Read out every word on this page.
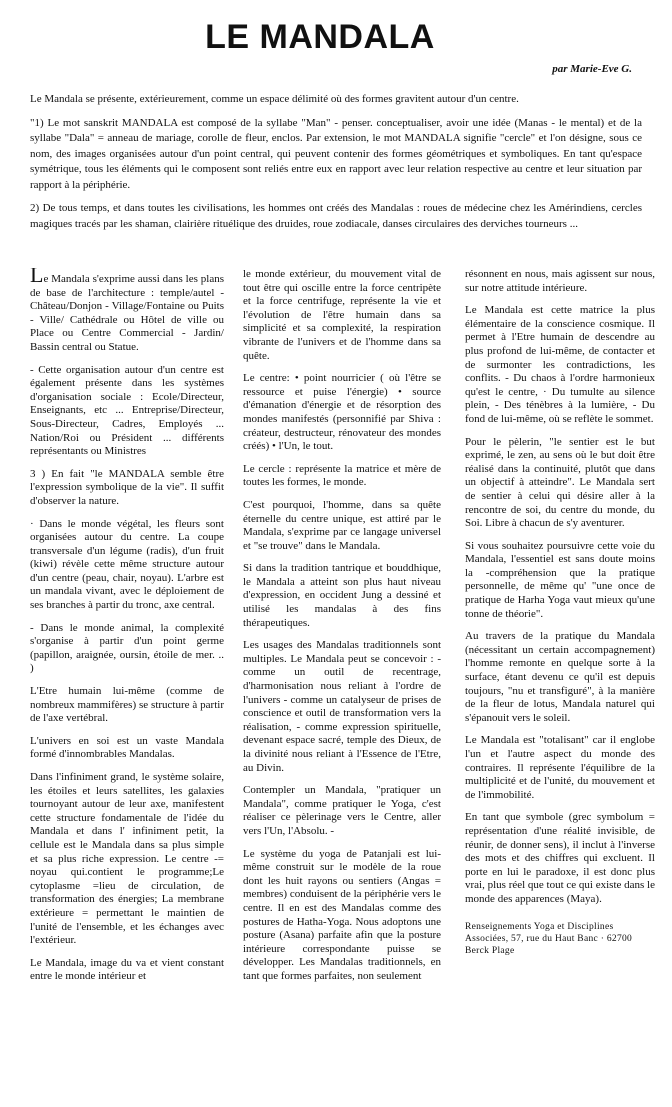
LE MANDALA
par Marie-Eve G.

Le Mandala se présente, extérieurement, comme un espace délimité où des formes gravitent autour d'un centre.

"1) Le mot sanskrit MANDALA est composé de la syllabe "Man" - penser. conceptualiser, avoir une idée (Manas - le mental) et de la syllabe "Dala" = anneau de mariage, corolle de fleur, enclos. Par extension, le mot MANDALA signifie "cercle" et l'on désigne, sous ce nom, des images organisées autour d'un point central, qui peuvent contenir des formes géométriques et symboliques. En tant qu'espace symétrique, tous les éléments qui le composent sont reliés entre eux en rapport avec leur relation respective au centre et leur situation par rapport à la périphérie.

2) De tous temps, et dans toutes les civilisations, les hommes ont créés des Mandalas : roues de médecine chez les Amérindiens, cercles magiques tracés par les shaman, clairière rituélique des druides, roue zodiacale, danses circulaires des derviches tourneurs ...

Le Mandala s'exprime aussi dans les plans de base de l'architecture : temple/autel - Château/Donjon - Village/Fontaine ou Puits - Ville/ Cathédrale ou Hôtel de ville ou Place ou Centre Commercial - Jardin/ Bassin central ou Statue.

- Cette organisation autour d'un centre est également présente dans les systèmes d'organisation sociale : Ecole/Directeur, Enseignants, etc ... Entreprise/Directeur, Sous-Directeur, Cadres, Employés ... Nation/Roi ou Président ... différents représentants ou Ministres

3 ) En fait "le MANDALA semble être l'expression symbolique de la vie". Il suffit d'observer la nature.

· Dans le monde végétal, les fleurs sont organisées autour du centre. La coupe transversale d'un légume (radis), d'un fruit (kiwi) révèle cette même structure autour d'un centre (peau, chair, noyau). L'arbre est un mandala vivant, avec le déploiement de ses branches à partir du tronc, axe central.

- Dans le monde animal, la complexité s'organise à partir d'un point germe (papillon, araignée, oursin, étoile de mer. .. )

L'Etre humain lui-même (comme de nombreux mammifères) se structure à partir de l'axe vertébral.

L'univers en soi est un vaste Mandala formé d'innombrables Mandalas.

Dans l'infiniment grand, le système solaire, les étoiles et leurs satellites, les galaxies tournoyant autour de leur axe, manifestent cette structure fondamentale de l'idée du Mandala et dans l' infiniment petit, la cellule est le Mandala dans sa plus simple et sa plus riche expression. Le centre -= noyau qui.contient le programme;Le cytoplasme =lieu de circulation, de transformation des énergies; La membrane extérieure = permettant le maintien de l'unité de l'ensemble, et les échanges avec l'extérieur.

Le Mandala, image du va et vient constant entre le monde intérieur et

le monde extérieur, du mouvement vital de tout être qui oscille entre la force centripète et la force centrifuge, représente la vie et l'évolution de l'être humain dans sa simplicité et sa complexité, la respiration vibrante de l'univers et de l'homme dans sa quête.

Le centre: • point nourricier ( où l'être se ressource et puise l'énergie) • source d'émanation d'énergie et de résorption des mondes manifestés (personnifié par Shiva : créateur, destructeur, rénovateur des mondes créés) • l'Un, le tout.

Le cercle : représente la matrice et mère de toutes les formes, le monde.

C'est pourquoi, l'homme, dans sa quête éternelle du centre unique, est attiré par le Mandala, s'exprime par ce langage universel et "se trouve" dans le Mandala.

Si dans la tradition tantrique et bouddhique, le Mandala a atteint son plus haut niveau d'expression, en occident Jung a dessiné et utilisé les mandalas à des fins thérapeutiques.

Les usages des Mandalas traditionnels sont multiples. Le Mandala peut se concevoir : - comme un outil de recentrage, d'harmonisation nous reliant à l'ordre de l'univers - comme un catalyseur de prises de conscience et outil de transformation vers la réalisation, - comme expression spirituelle, devenant espace sacré, temple des Dieux, de la divinité nous reliant à l'Essence de l'Etre, au Divin.

Contempler un Mandala, "pratiquer un Mandala", comme pratiquer le Yoga, c'est réaliser ce pèlerinage vers le Centre, aller vers l'Un, l'Absolu. -

Le système du yoga de Patanjali est lui-même construit sur le modèle de la roue dont les huit rayons ou sentiers (Angas = membres) conduisent de la périphérie vers le centre. Il en est des Mandalas comme des postures de Hatha-Yoga. Nous adoptons une posture (Asana) parfaite afin que la posture intérieure correspondante puisse se développer. Les Mandalas traditionnels, en tant que formes parfaites, non seulement

résonnent en nous, mais agissent sur nous, sur notre attitude intérieure.

Le Mandala est cette matrice la plus élémentaire de la conscience cosmique. Il permet à l'Etre humain de descendre au plus profond de lui-même, de contacter et de surmonter les contradictions, les conflits. - Du chaos à l'ordre harmonieux qu'est le centre, · Du tumulte au silence plein, - Des ténèbres à la lumière, - Du fond de lui-même, où se reflète le sommet.

Pour le pèlerin, "le sentier est le but exprimé, le zen, au sens où le but doit être réalisé dans la continuité, plutôt que dans un objectif à atteindre". Le Mandala sert de sentier à celui qui désire aller à la rencontre de soi, du centre du monde, du Soi. Libre à chacun de s'y aventurer.

Si vous souhaitez poursuivre cette voie du Mandala, l'essentiel est sans doute moins la -compréhension que la pratique personnelle, de même qu' "une once de pratique de Harha Yoga vaut mieux qu'une tonne de théorie".

Au travers de la pratique du Mandala (nécessitant un certain accompagnement) l'homme remonte en quelque sorte à la surface, étant devenu ce qu'il est depuis toujours, "nu et transfiguré", à la manière de la fleur de lotus, Mandala naturel qui s'épanouit vers le soleil.

Le Mandala est "totalisant" car il englobe l'un et l'autre aspect du monde des contraires. Il représente l'équilibre de la multiplicité et de l'unité, du mouvement et de l'immobilité.

En tant que symbole (grec symbolum = représentation d'une réalité invisible, de réunir, de donner sens), il inclut à l'inverse des mots et des chiffres qui excluent. Il porte en lui le paradoxe, il est donc plus vrai, plus réel que tout ce qui existe dans le monde des apparences (Maya).

Renseignements Yoga et Disciplines Associées, 57, rue du Haut Banc · 62700 Berck Plage
